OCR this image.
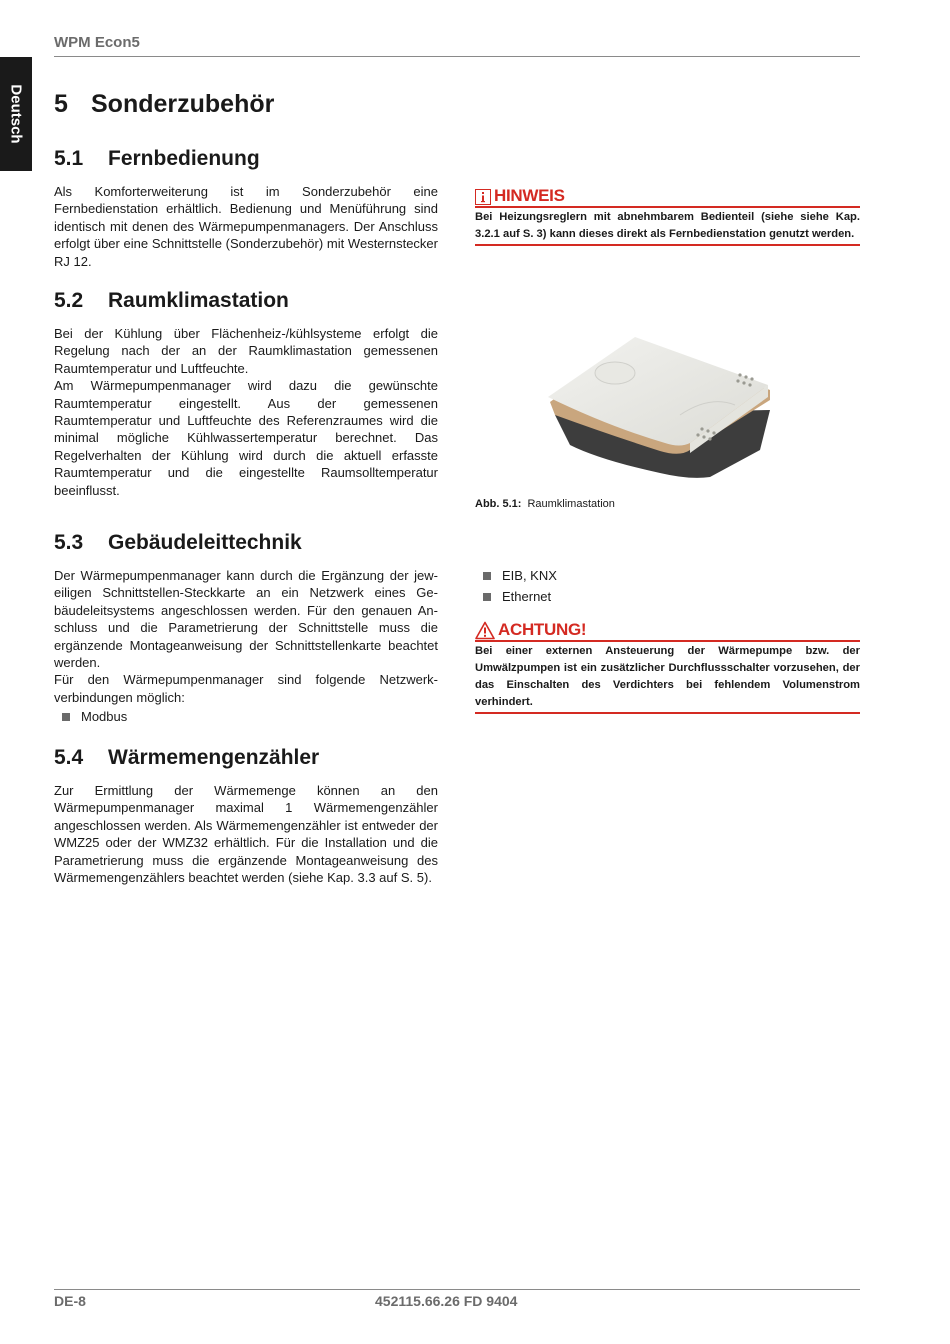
WPM Econ5
Deutsch 5 Sonderzubehör
5.1 Fernbedienung

Als Komforterweiterung ist im Sonderzubehör eine Fernbedienstation erhältlich. Bedienung und Menüführung sind identisch mit denen des Wärmepumpenmanagers. Der Anschluss erfolgt über eine Schnittstelle (Sonderzubehör) mit Westernstecker RJ 12.

HINWEIS
Bei Heizungsreglern mit abnehmbarem Bedienteil (siehe siehe Kap. 3.2.1 auf S. 3) kann dieses direkt als Fernbedienstation genutzt werden.
5.2 Raumklimastation

Bei der Kühlung über Flächenheiz-/kühlsysteme erfolgt die Regelung nach der an der Raumklimastation gemessenen Raumtemperatur und Luftfeuchte.

Am Wärmepumpenmanager wird dazu die gewünschte Raumtemperatur eingestellt. Aus der gemessenen Raumtemperatur und Luftfeuchte des Referenzraumes wird die minimal mögliche Kühlwassertemperatur berechnet. Das Regelverhalten der Kühlung wird durch die aktuell erfasste Raumtemperatur und die eingestellte Raumsolltemperatur beeinflusst.

Abb. 5.1: Raumklimastation
5.3 Gebäudeleittechnik

Der Wärmepumpenmanager kann durch die Ergänzung der jeweiligen Schnittstellen-Steckkarte an ein Netzwerk eines Gebäudeleitsystems angeschlossen werden. Für den genauen Anschluss und die Parametrierung der Schnittstelle muss die ergänzende Montageanweisung der Schnittstellenkarte beachtet werden.

Für den Wärmepumpenmanager sind folgende Netzwerkverbindungen möglich:

Modbus
EIB, KNX
Ethernet
ACHTUNG!
Bei einer externen Ansteuerung der Wärmepumpe bzw. der Umwälzpumpen ist ein zusätzlicher Durchflussschalter vorzusehen, der das Einschalten des Verdichters bei fehlendem Volumenstrom verhindert.
5.4 Wärmemengenzähler

Zur Ermittlung der Wärmemenge können an den Wärmepumpenmanager maximal 1 Wärmemengenzähler angeschlossen werden. Als Wärmemengenzähler ist entweder der WMZ25 oder der WMZ32 erhältlich. Für die Installation und die Parametrierung muss die ergänzende Montageanweisung des Wärmemengenzählers beachtet werden (siehe Kap. 3.3 auf S. 5).

DE-8	452115.66.26 FD 9404
